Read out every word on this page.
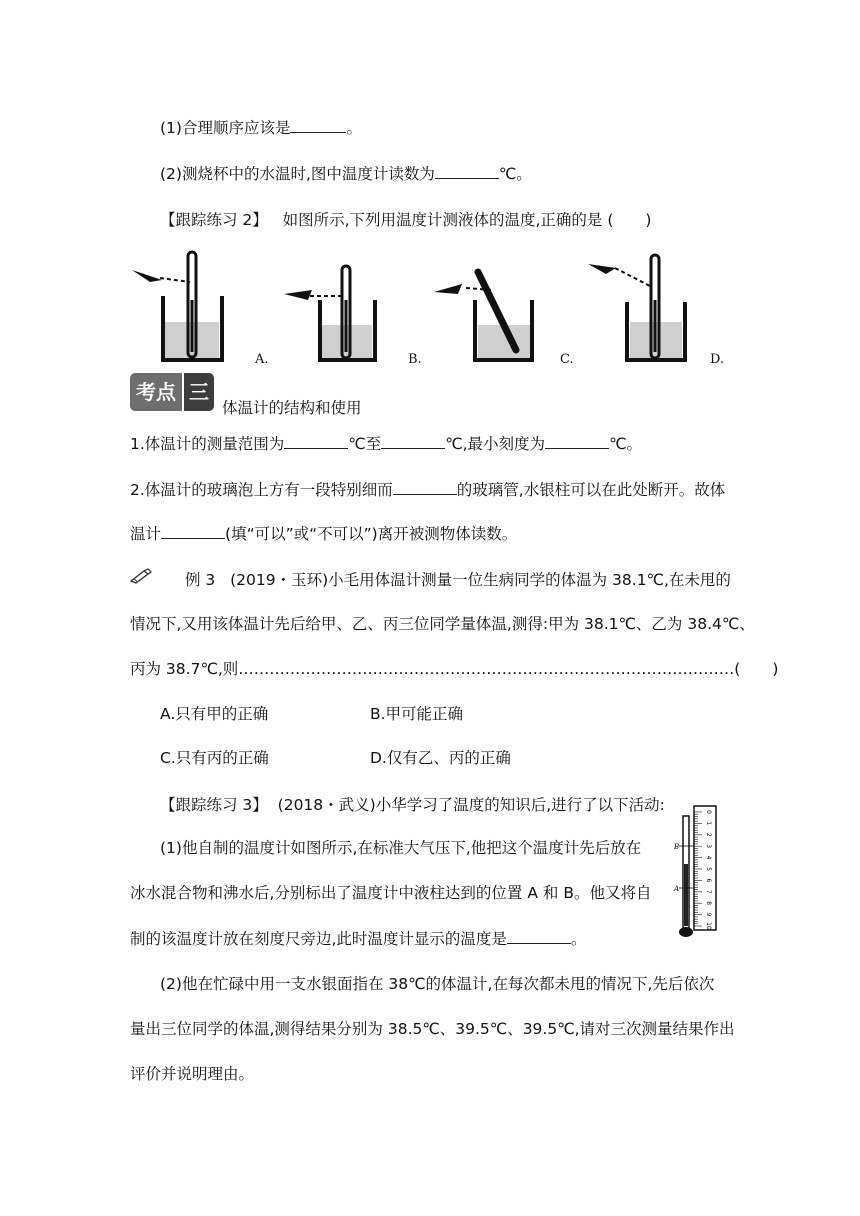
(1)合理顺序应该是	。
(2)测烧杯中的水温时,图中温度计读数为	℃。
【跟踪练习 2】 如图所示,下列用温度计测液体的温度,正确的是 ( )
A.	B.	C.	D.
考点 三
体温计的结构和使用
1.体温计的测量范围为	℃至	℃,最小刻度为	℃。
2.体温计的玻璃泡上方有一段特别细而	的玻璃管,水银柱可以在此处断开。故体
温计	(填“可以”或“不可以”)离开被测物体读数。
例 3 (2019・玉环)小毛用体温计测量一位生病同学的体温为 38.1℃,在未甩的
情况下,又用该体温计先后给甲、乙、丙三位同学量体温,测得:甲为 38.1℃、乙为 38.4℃、
丙为 38.7℃,则……………………………………………………………………………………( )
A.只有甲的正确	B.甲可能正确
C.只有丙的正确	D.仅有乙、丙的正确
【跟踪练习 3】 (2018・武义)小华学习了温度的知识后,进行了以下活动:
(1)他自制的温度计如图所示,在标准大气压下,他把这个温度计先后放在
冰水混合物和沸水后,分别标出了温度计中液柱达到的位置 A 和 B。他又将自
制的该温度计放在刻度尺旁边,此时温度计显示的温度是	。
(2)他在忙碌中用一支水银面指在 38℃的体温计,在每次都未甩的情况下,先后依次
量出三位同学的体温,测得结果分别为 38.5℃、39.5℃、39.5℃,请对三次测量结果作出
评价并说明理由。
0
1
2
3
4
5
6
7
8
9
10
B
A
